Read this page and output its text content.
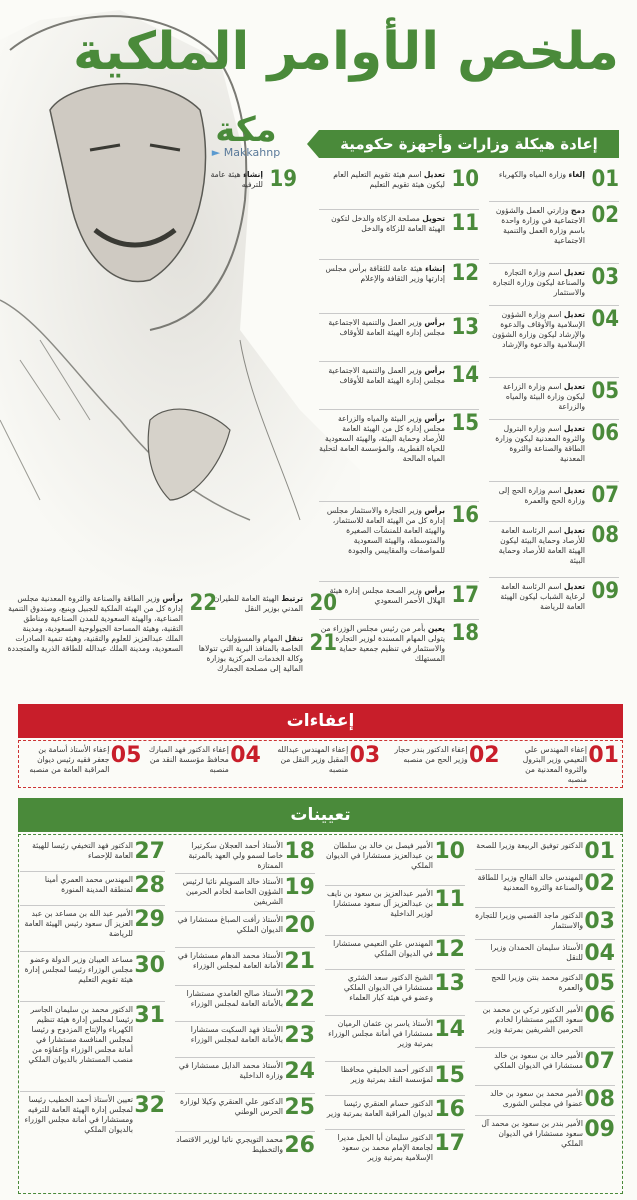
ملخص الأوامر الملكية
مكة
► Makkahnp	إعادة هيكلة وزارات وأجهزة حكومية
01
إلغاء وزارة المياه والكهرباء
02
دمج وزارتي العمل والشؤون الاجتماعية في وزارة واحدة باسم وزارة العمل والتنمية الاجتماعية
03
تعديل اسم وزارة التجارة والصناعة ليكون وزارة التجارة والاستثمار
04
تعديل اسم وزارة الشؤون الإسلامية والأوقاف والدعوة والإرشاد ليكون وزارة الشؤون الإسلامية والدعوة والإرشاد
05
تعديل اسم وزارة الزراعة ليكون وزارة البيئة والمياه والزراعة
06
تعديل اسم وزارة البترول والثروة المعدنية ليكون وزارة الطاقة والصناعة والثروة المعدنية
07
تعديل اسم وزارة الحج إلى وزارة الحج والعمرة
08
تعديل اسم الرئاسة العامة للأرصاد وحماية البيئة ليكون الهيئة العامة للأرصاد وحماية البيئة
09
تعديل اسم الرئاسة العامة لرعاية الشباب ليكون الهيئة العامة للرياضة
10
تعديل اسم هيئة تقويم التعليم العام ليكون هيئة تقويم التعليم
11
تحويل مصلحة الزكاة والدخل لتكون الهيئة العامة للزكاة والدخل
12
إنشاء هيئة عامة للثقافة برأس مجلس إدارتها وزير الثقافة والإعلام
13
برأس وزير العمل والتنمية الاجتماعية مجلس إدارة الهيئة العامة للأوقاف
14
برأس وزير العمل والتنمية الاجتماعية مجلس إدارة الهيئة العامة للأوقاف
15
برأس وزير البيئة والمياه والزراعة مجلس إدارة كل من الهيئة العامة للأرصاد وحماية البيئة، والهيئة السعودية للحياة الفطرية، والمؤسسة العامة لتحلية المياه المالحة
16
برأس وزير التجارة والاستثمار مجلس إدارة كل من الهيئة العامة للاستثمار، والهيئة العامة للمنشآت الصغيرة والمتوسطة، والهيئة السعودية للمواصفات والمقاييس والجودة
17
برأس وزير الصحة مجلس إدارة هيئة الهلال الأحمر السعودي
18
يعين بأمر من رئيس مجلس الوزراء من يتولى المهام المسندة لوزير التجارة والاستثمار في تنظيم جمعية حماية المستهلك
19
إنشاء هيئة عامة للترفيه
20
ترتبط الهيئة العامة للطيران المدني بوزير النقل
21
تنقل المهام والمسؤوليات الخاصة بالمنافذ البرية التي تتولاها وكالة الخدمات المركزية بوزارة المالية إلى مصلحة الجمارك
22
برأس وزير الطاقة والصناعة والثروة المعدنية مجلس إدارة كل من الهيئة الملكية للجبيل وينبع، وصندوق التنمية الصناعية، والهيئة السعودية للمدن الصناعية ومناطق التقنية، وهيئة المساحة الجيولوجية السعودية، ومدينة الملك عبدالعزيز للعلوم والتقنية، وهيئة تنمية الصادرات السعودية، ومدينة الملك عبدالله للطاقة الذرية والمتجددة
إعفاءات
01
إعفاء المهندس علي النعيمي وزير البترول والثروة المعدنية من منصبه
02
إعفاء الدكتور بندر حجار وزير الحج من منصبه
03
إعفاء المهندس عبدالله المقبل وزير النقل من منصبه
04
إعفاء الدكتور فهد المبارك محافظ مؤسسة النقد من منصبه
05
إعفاء الأستاذ أسامة بن جعفر فقيه رئيس ديوان المراقبة العامة من منصبه
تعيينات
01
الدكتور توفيق الربيعة وزيرا للصحة
02
المهندس خالد الفالح وزيرا للطاقة والصناعة والثروة المعدنية
03
الدكتور ماجد القصبي وزيرا للتجارة والاستثمار
04
الأستاذ سليمان الحمدان وزيرا للنقل
05
الدكتور محمد بنتن وزيرا للحج والعمرة
06
الأمير الدكتور تركي بن محمد بن سعود الكبير مستشارا لخادم الحرمين الشريفين بمرتبة وزير
07
الأمير خالد بن سعود بن خالد مستشارا في الديوان الملكي
08
الأمير محمد بن سعود بن خالد عضوا في مجلس الشورى
09
الأمير بندر بن سعود بن محمد آل سعود مستشارا في الديوان الملكي
10
الأمير فيصل بن خالد بن سلطان بن عبدالعزيز مستشارا في الديوان الملكي
11
الأمير عبدالعزيز بن سعود بن نايف بن عبدالعزيز آل سعود مستشارا لوزير الداخلية
12
المهندس علي النعيمي مستشارا في الديوان الملكي
13
الشيخ الدكتور سعد الشثري مستشارا في الديوان الملكي وعضو في هيئة كبار العلماء
14
الأستاذ ياسر بن عثمان الرميان مستشارا في أمانة مجلس الوزراء بمرتبة وزير
15
الدكتور أحمد الخليفي محافظا لمؤسسة النقد بمرتبة وزير
16
الدكتور حسام العنقري رئيسا لديوان المراقبة العامة بمرتبة وزير
17
الدكتور سليمان أبا الخيل مديرا لجامعة الإمام محمد بن سعود الإسلامية بمرتبة وزير
18
الأستاذ أحمد العجلان سكرتيرا خاصا لسمو ولي العهد بالمرتبة الممتازة
19
الأستاذ خالد السويلم نائبا لرئيس الشؤون الخاصة لخادم الحرمين الشريفين
20
الأستاذ رأفت الصباغ مستشارا في الديوان الملكي
21
الأستاذ محمد الدهام مستشارا في الأمانة العامة لمجلس الوزراء
22
الأستاذ صالح الغامدي مستشارا بالأمانة العامة لمجلس الوزراء
23
الأستاذ فهد السكيت مستشارا بالأمانة العامة لمجلس الوزراء
24
الأستاذ محمد الدايل مستشارا في وزارة الداخلية
25
الدكتور علي العنقري وكيلا لوزارة الحرس الوطني
26
محمد التويجري نائبا لوزير الاقتصاد والتخطيط
27
الدكتور فهد التخيفي رئيسا للهيئة العامة للإحصاء
28
المهندس محمد العمري أمينا لمنطقة المدينة المنورة
29
الأمير عبد الله بن مساعد بن عبد العزيز آل سعود رئيس الهيئة العامة للرياضة
30
مساعد العيبان وزير الدولة وعضو مجلس الوزراء رئيسا لمجلس إدارة هيئة تقويم التعليم
31
الدكتور محمد بن سليمان الجاسر رئيسا لمجلس إدارة هيئة تنظيم الكهرباء والإنتاج المزدوج و رئيسا لمجلس المنافسة مستشارا في أمانة مجلس الوزراء وإعفاؤه من منصب المستشار بالديوان الملكي
32
تعيين الأستاذ أحمد الخطيب رئيسا لمجلس إدارة الهيئة العامة للترفيه ومستشارا في أمانة مجلس الوزراء بالديوان الملكي
